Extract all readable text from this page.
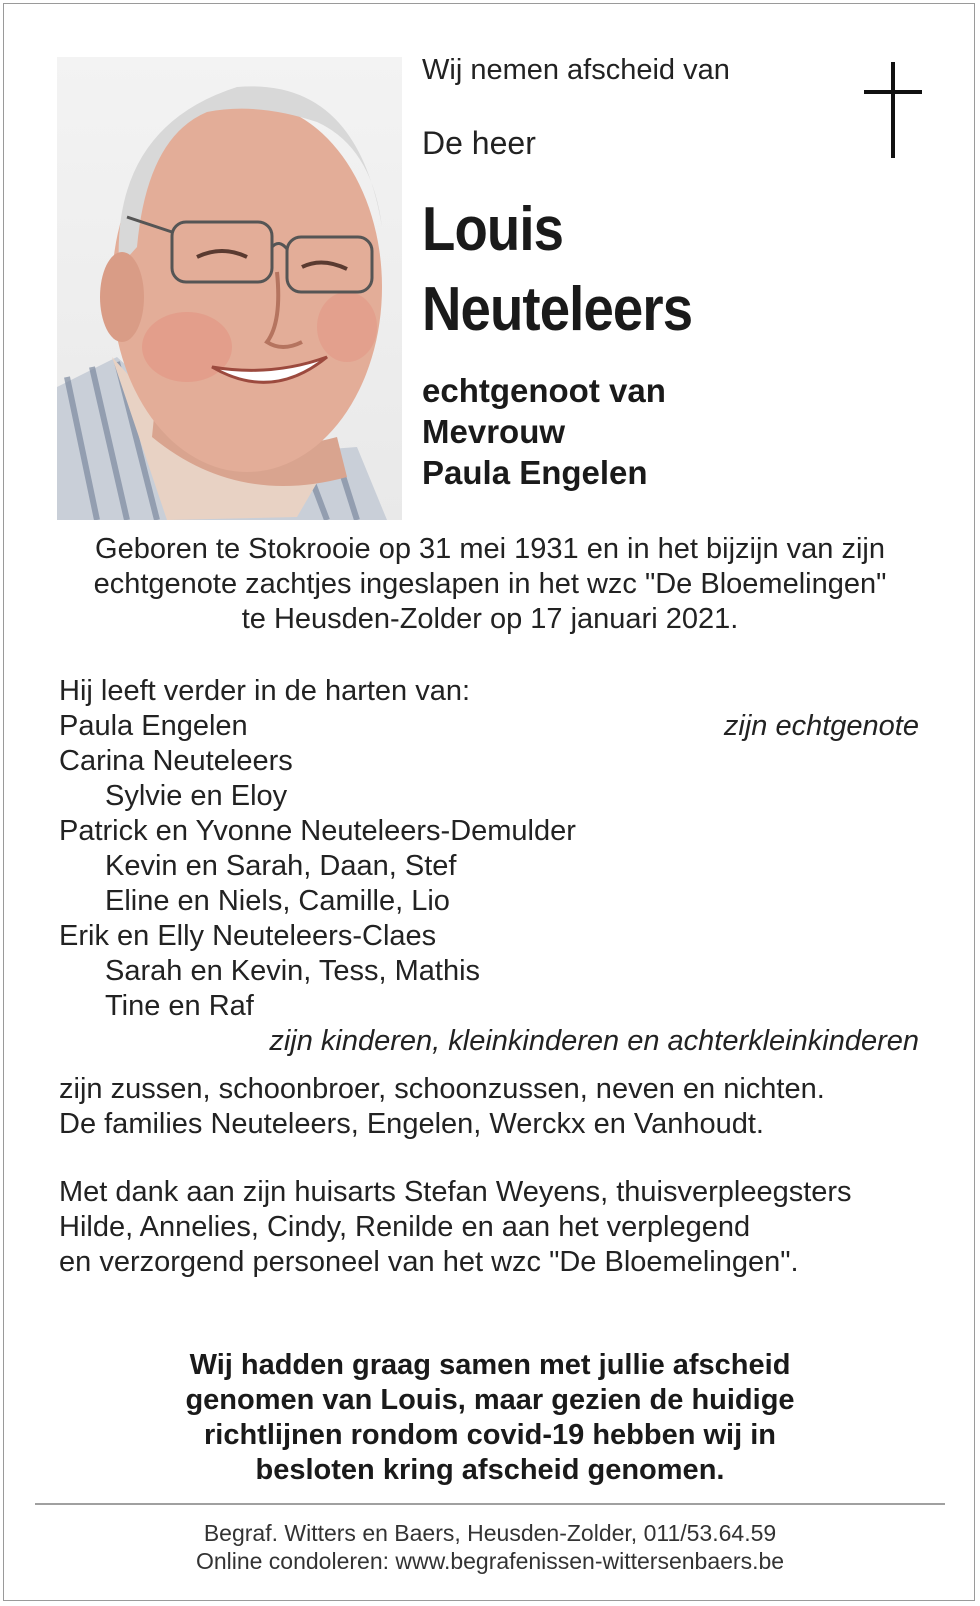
Wij nemen afscheid van
De heer
Louis
Neuteleers
echtgenoot van
Mevrouw
Paula Engelen
Geboren te Stokrooie op 31 mei 1931 en in het bijzijn van zijn
echtgenote zachtjes ingeslapen in het wzc "De Bloemelingen"
te Heusden-Zolder op 17 januari 2021.
Hij leeft verder in de harten van:
Paula Engelen	zijn echtgenote
Carina Neuteleers
Sylvie en Eloy
Patrick en Yvonne Neuteleers-Demulder
Kevin en Sarah, Daan, Stef
Eline en Niels, Camille, Lio
Erik en Elly Neuteleers-Claes
Sarah en Kevin, Tess, Mathis
Tine en Raf
zijn kinderen, kleinkinderen en achterkleinkinderen
zijn zussen, schoonbroer, schoonzussen, neven en nichten.
De families Neuteleers, Engelen, Werckx en Vanhoudt.
Met dank aan zijn huisarts Stefan Weyens, thuisverpleegsters
Hilde, Annelies, Cindy, Renilde en aan het verplegend
en verzorgend personeel van het wzc "De Bloemelingen".
Wij hadden graag samen met jullie afscheid
genomen van Louis, maar gezien de huidige
richtlijnen rondom covid-19 hebben wij in
besloten kring afscheid genomen.
Begraf. Witters en Baers, Heusden-Zolder, 011/53.64.59
Online condoleren: www.begrafenissen-wittersenbaers.be
